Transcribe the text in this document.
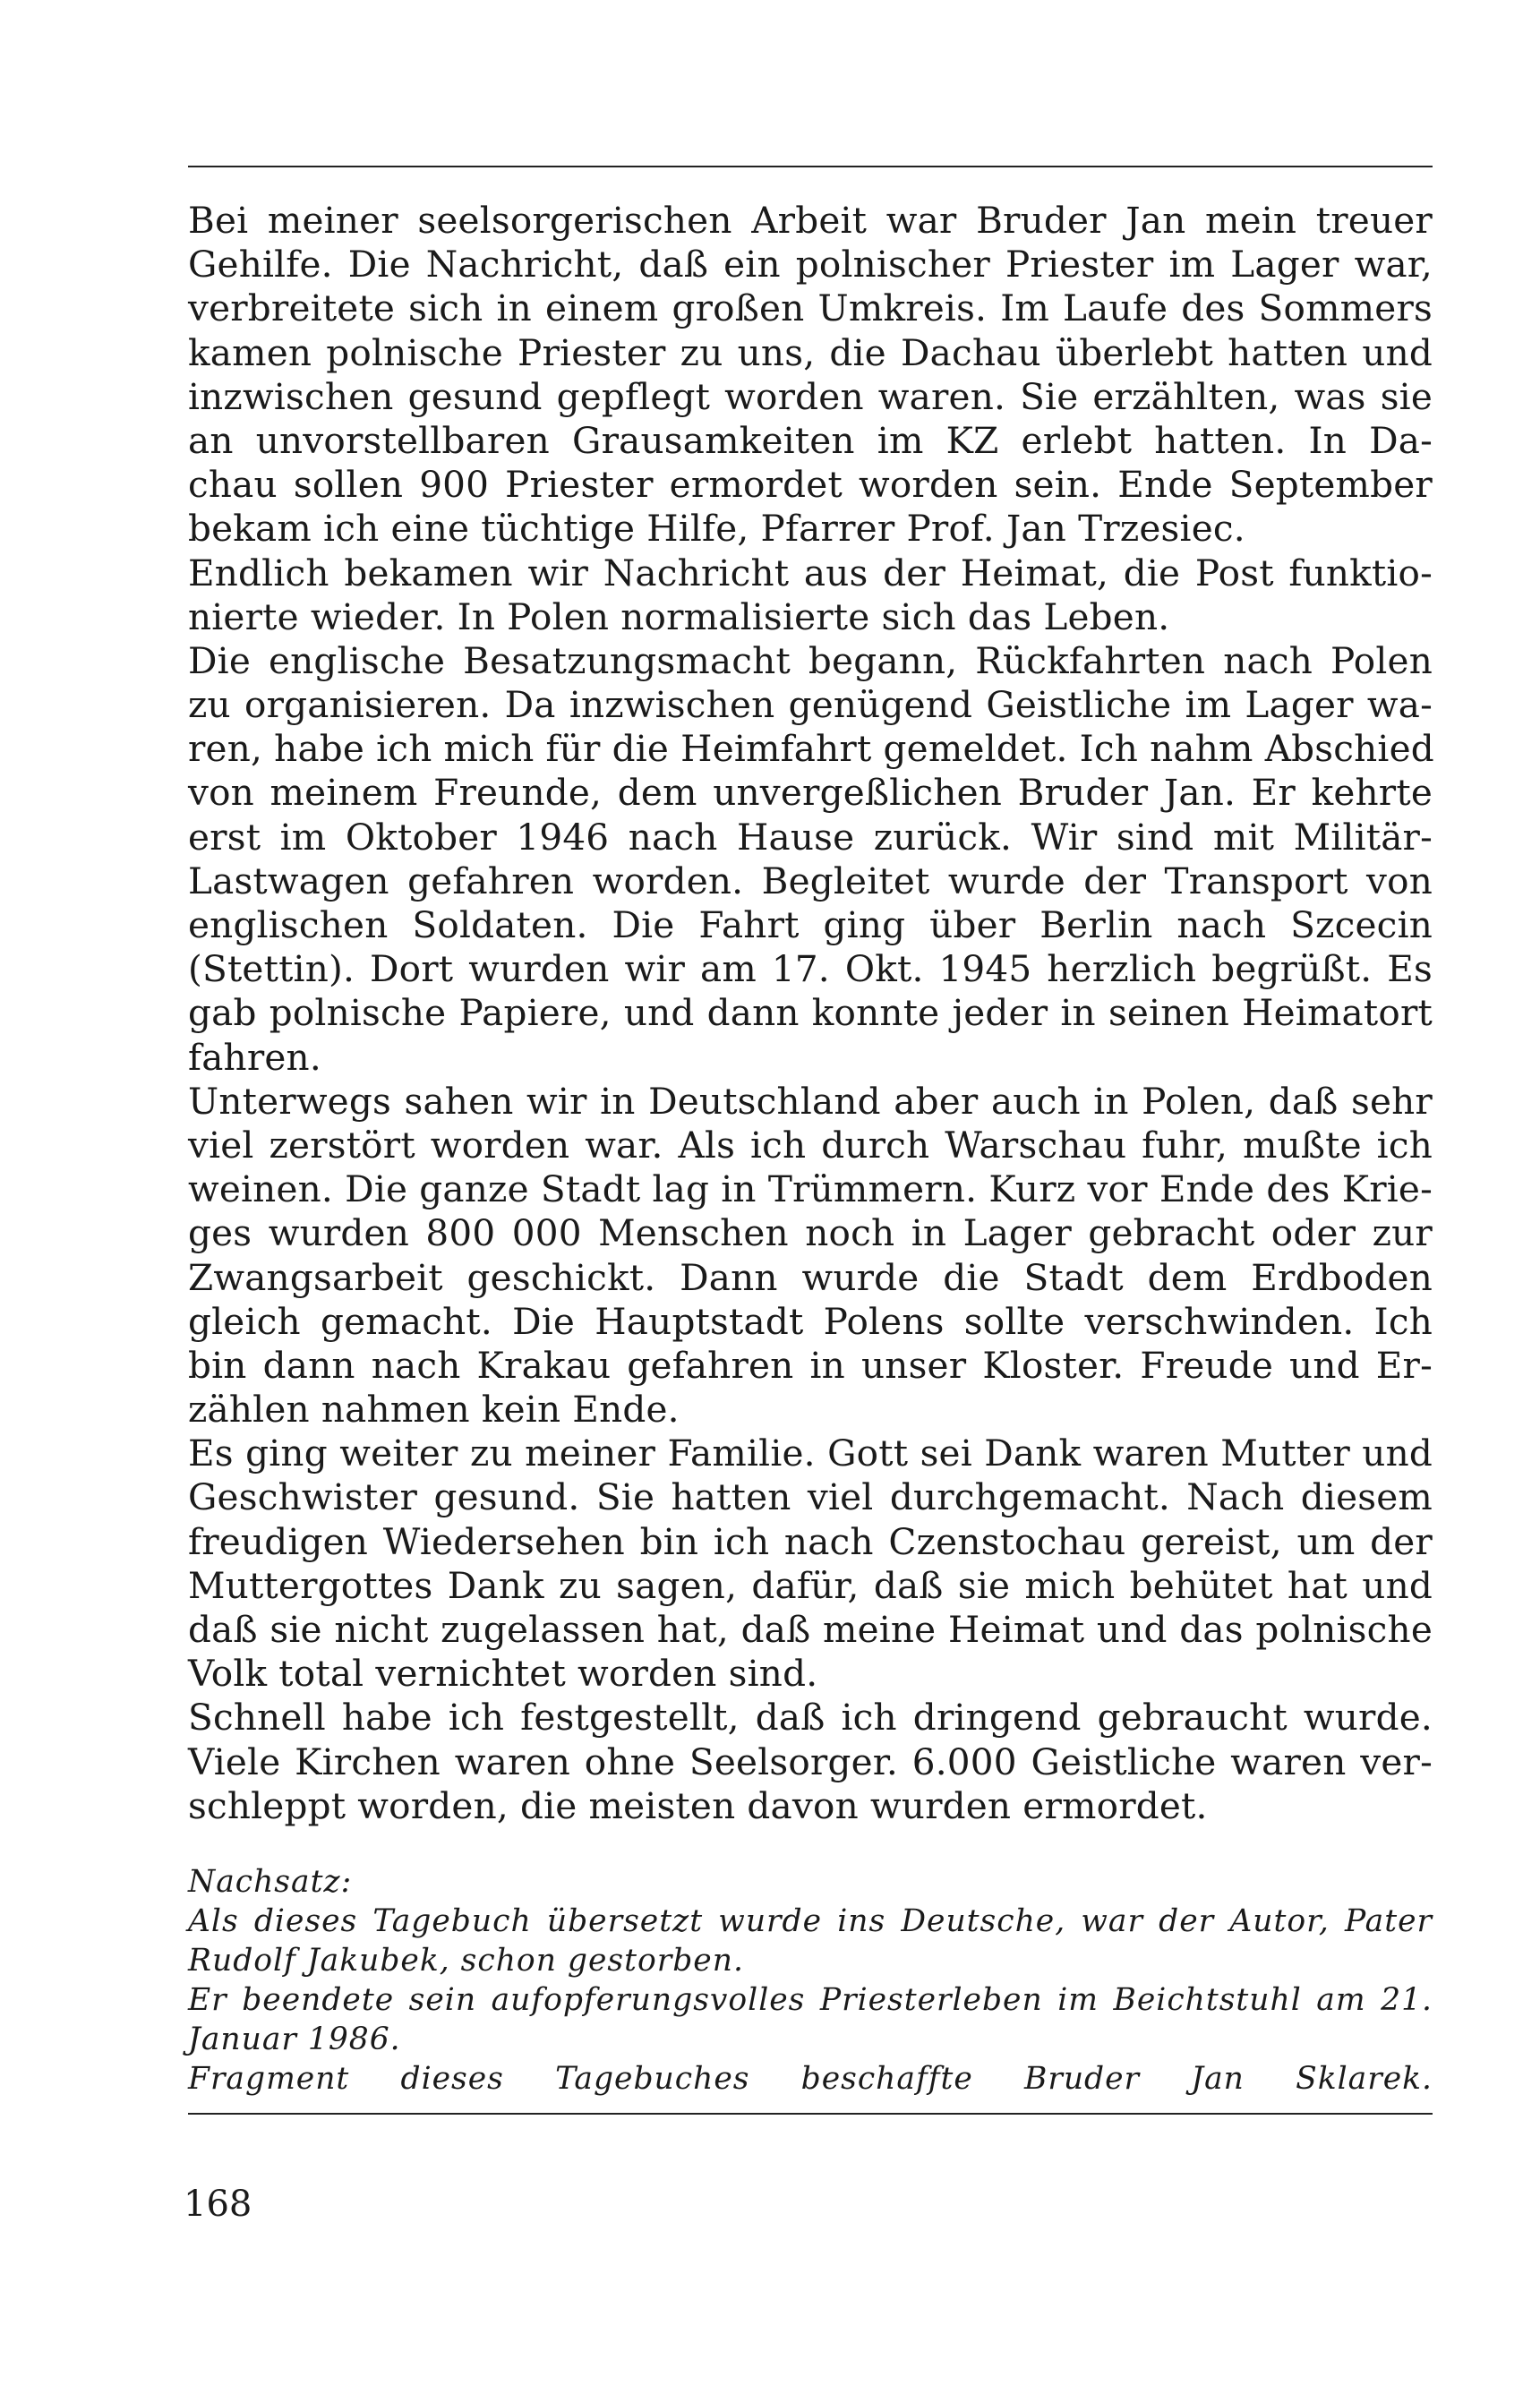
Bei meiner seelsorgerischen Arbeit war Bruder Jan mein treuer
Gehilfe. Die Nachricht, daß ein polnischer Priester im Lager war,
verbreitete sich in einem großen Umkreis. Im Laufe des Sommers
kamen polnische Priester zu uns, die Dachau überlebt hatten und
inzwischen gesund gepflegt worden waren. Sie erzählten, was sie
an unvorstellbaren Grausamkeiten im KZ erlebt hatten. In Da-
chau sollen 900 Priester ermordet worden sein. Ende September
bekam ich eine tüchtige Hilfe, Pfarrer Prof. Jan Trzesiec.
Endlich bekamen wir Nachricht aus der Heimat, die Post funktio-
nierte wieder. In Polen normalisierte sich das Leben.
Die englische Besatzungsmacht begann, Rückfahrten nach Polen
zu organisieren. Da inzwischen genügend Geistliche im Lager wa-
ren, habe ich mich für die Heimfahrt gemeldet. Ich nahm Abschied
von meinem Freunde, dem unvergeßlichen Bruder Jan. Er kehrte
erst im Oktober 1946 nach Hause zurück. Wir sind mit Militär-
Lastwagen gefahren worden. Begleitet wurde der Transport von
englischen Soldaten. Die Fahrt ging über Berlin nach Szcecin
(Stettin). Dort wurden wir am 17. Okt. 1945 herzlich begrüßt. Es
gab polnische Papiere, und dann konnte jeder in seinen Heimatort
fahren.
Unterwegs sahen wir in Deutschland aber auch in Polen, daß sehr
viel zerstört worden war. Als ich durch Warschau fuhr, mußte ich
weinen. Die ganze Stadt lag in Trümmern. Kurz vor Ende des Krie-
ges wurden 800 000 Menschen noch in Lager gebracht oder zur
Zwangsarbeit geschickt. Dann wurde die Stadt dem Erdboden
gleich gemacht. Die Hauptstadt Polens sollte verschwinden. Ich
bin dann nach Krakau gefahren in unser Kloster. Freude und Er-
zählen nahmen kein Ende.
Es ging weiter zu meiner Familie. Gott sei Dank waren Mutter und
Geschwister gesund. Sie hatten viel durchgemacht. Nach diesem
freudigen Wiedersehen bin ich nach Czenstochau gereist, um der
Muttergottes Dank zu sagen, dafür, daß sie mich behütet hat und
daß sie nicht zugelassen hat, daß meine Heimat und das polnische
Volk total vernichtet worden sind.
Schnell habe ich festgestellt, daß ich dringend gebraucht wurde.
Viele Kirchen waren ohne Seelsorger. 6.000 Geistliche waren ver-
schleppt worden, die meisten davon wurden ermordet.
Nachsatz:
Als dieses Tagebuch übersetzt wurde ins Deutsche, war der Autor, Pater
Rudolf Jakubek, schon gestorben.
Er beendete sein aufopferungsvolles Priesterleben im Beichtstuhl am 21.
Januar 1986.
Fragment dieses Tagebuches beschaffte Bruder Jan Sklarek.
168
